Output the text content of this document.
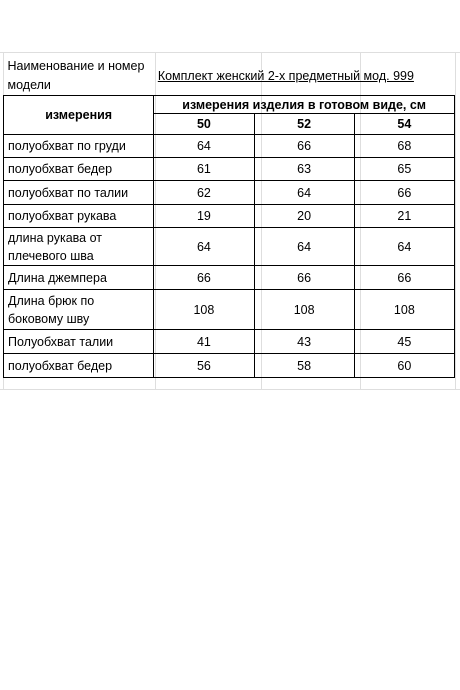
Наименование и номер модели	Комплект женский 2-х предметный мод. 999		
измерения	измерения изделия в готовом виде, см		
	50	52	54
полуобхват по груди	64	66	68
полуобхват бедер	61	63	65
полуобхват по талии	62	64	66
полуобхват рукава	19	20	21
длина рукава от плечевого шва	64	64	64
Длина джемпера	66	66	66
Длина брюк по боковому шву	108	108	108
Полуобхват талии	41	43	45
полуобхват бедер	56	58	60
